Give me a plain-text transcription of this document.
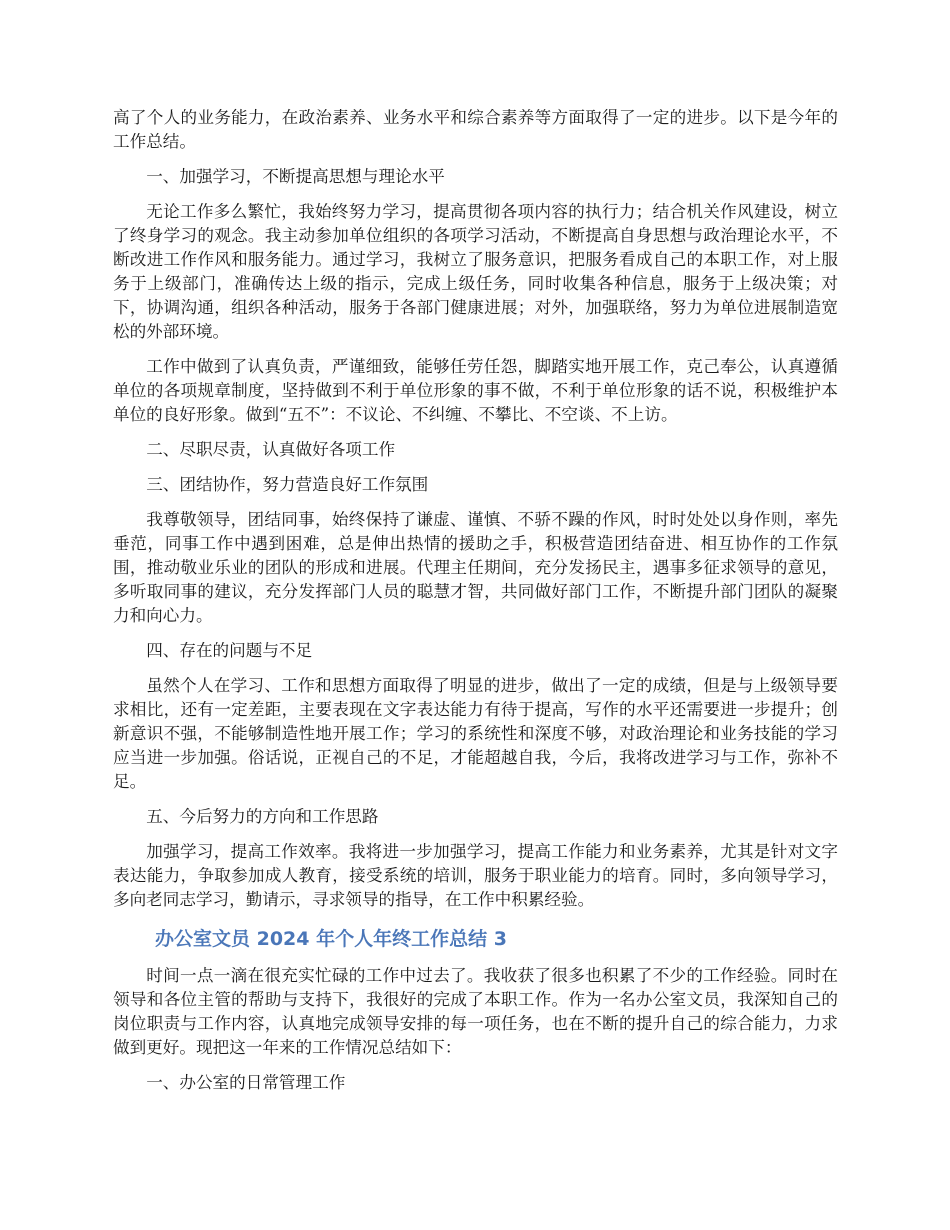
高了个人的业务能力，在政治素养、业务水平和综合素养等方面取得了一定的进步。以下是今年的工作总结。

一、加强学习，不断提高思想与理论水平

无论工作多么繁忙，我始终努力学习，提高贯彻各项内容的执行力；结合机关作风建设，树立了终身学习的观念。我主动参加单位组织的各项学习活动，不断提高自身思想与政治理论水平，不断改进工作作风和服务能力。通过学习，我树立了服务意识，把服务看成自己的本职工作，对上服务于上级部门，准确传达上级的指示，完成上级任务，同时收集各种信息，服务于上级决策；对下，协调沟通，组织各种活动，服务于各部门健康进展；对外，加强联络，努力为单位进展制造宽松的外部环境。

工作中做到了认真负责，严谨细致，能够任劳任怨，脚踏实地开展工作，克己奉公，认真遵循单位的各项规章制度，坚持做到不利于单位形象的事不做，不利于单位形象的话不说，积极维护本单位的良好形象。做到“五不”：不议论、不纠缠、不攀比、不空谈、不上访。

二、尽职尽责，认真做好各项工作

三、团结协作，努力营造良好工作氛围

我尊敬领导，团结同事，始终保持了谦虚、谨慎、不骄不躁的作风，时时处处以身作则，率先垂范，同事工作中遇到困难，总是伸出热情的援助之手，积极营造团结奋进、相互协作的工作氛围，推动敬业乐业的团队的形成和进展。代理主任期间，充分发扬民主，遇事多征求领导的意见，多听取同事的建议，充分发挥部门人员的聪慧才智，共同做好部门工作，不断提升部门团队的凝聚力和向心力。

四、存在的问题与不足

虽然个人在学习、工作和思想方面取得了明显的进步，做出了一定的成绩，但是与上级领导要求相比，还有一定差距，主要表现在文字表达能力有待于提高，写作的水平还需要进一步提升；创新意识不强，不能够制造性地开展工作；学习的系统性和深度不够，对政治理论和业务技能的学习应当进一步加强。俗话说，正视自己的不足，才能超越自我，今后，我将改进学习与工作，弥补不足。

五、今后努力的方向和工作思路

加强学习，提高工作效率。我将进一步加强学习，提高工作能力和业务素养，尤其是针对文字表达能力，争取参加成人教育，接受系统的培训，服务于职业能力的培育。同时，多向领导学习，多向老同志学习，勤请示，寻求领导的指导，在工作中积累经验。

办公室文员 2024 年个人年终工作总结 3

时间一点一滴在很充实忙碌的工作中过去了。我收获了很多也积累了不少的工作经验。同时在领导和各位主管的帮助与支持下，我很好的完成了本职工作。作为一名办公室文员，我深知自己的岗位职责与工作内容，认真地完成领导安排的每一项任务，也在不断的提升自己的综合能力，力求做到更好。现把这一年来的工作情况总结如下：

一、办公室的日常管理工作
